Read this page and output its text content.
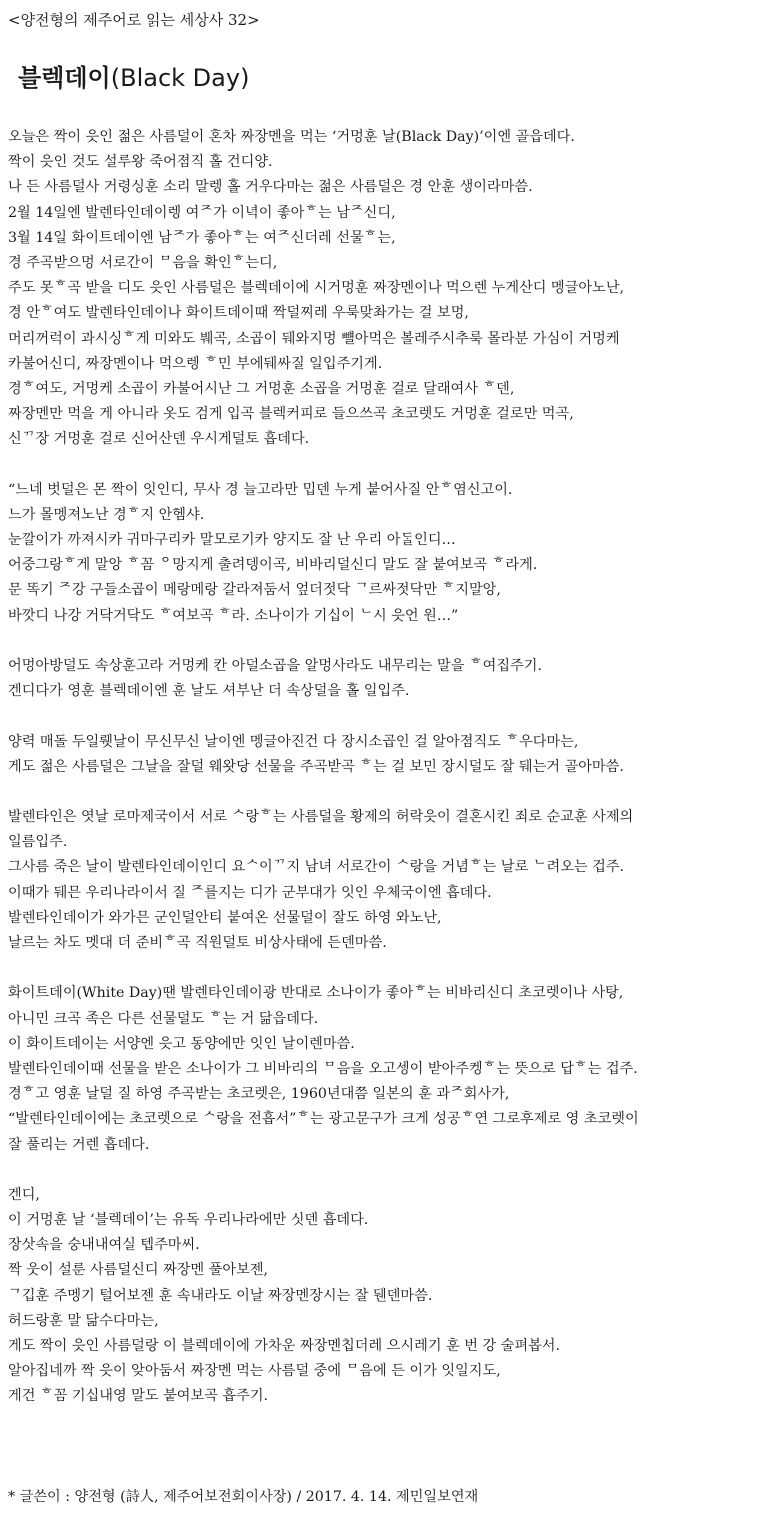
<양전형의 제주어로 읽는 세상사 32>
블렉데이(Black Day)
오늘은 짝이 읏인 젊은 사름덜이 혼차 짜장멘을 먹는 ‘거멍훈 날(Black Day)’이엔 골읍데다.
짝이 읏인 것도 설루왕 죽어졈직 홀 건디양.
나 든 사름덜사 거령싱훈 소리 말렝 홀 거우다마는 젊은 사름덜은 경 안훈 생이라마씀.
2월 14일엔 발렌타인데이렝 여ᄌ가 이녁이 좋아ᄒ는 남ᄌ신디,
3월 14일 화이트데이엔 남ᄌ가 좋아ᄒ는 여ᄌ신더레 선물ᄒ는,
경 주곡받으멍 서로간이 ᄆ음을 확인ᄒ는디,
주도 못ᄒ곡 받을 디도 읏인 사름덜은 블렉데이에 시거멍훈 짜장멘이나 먹으렌 누게산디 멩글아노난,
경 안ᄒ여도 발렌타인데이나 화이트데이때 짝덜찌레 우룩맞촤가는 걸 보멍,
머리꺼럭이 과시싱ᄒ게 미와도 붸곡, 소곱이 뒈와지멍 뺼아먹은 볼레주시추룩 몰라분 가심이 거멍케
카불어신디, 짜장멘이나 먹으렝 ᄒ민 부에뒈싸질 일입주기게.
경ᄒ여도, 거멍케 소곱이 카불어시난 그 거멍훈 소곱을 거멍훈 걸로 달래여사 ᄒ덴,
짜장멘만 먹을 게 아니라 옷도 검게 입곡 블렉커피로 들으쓰곡 초코렛도 거멍훈 걸로만 먹곡,
신ᄁ장 거멍훈 걸로 신어산덴 우시게덜토 흡데다.
“느네 벗덜은 몬 짝이 잇인디, 무사 경 늘고라만 밉덴 누게 붙어사질 안ᄒ염신고이.
느가 몰멩져노난 경ᄒ지 안헴샤.
눈깔이가 까져시카 귀마구리카 말모로기카 양지도 잘 난 우리 아ᄃᆞᆯ인디…
어중그랑ᄒ게 말앙 ᄒ꼼 ᄋ망지게 출려뎅이곡, 비바리덜신디 말도 잘 붙여보곡 ᄒ라게.
문 똑기 ᄌ강 구들소곱이 메랑메랑 갈라져둠서 엎더젓닥 ᄀ르싸젓닥만 ᄒ지말앙,
바깟디 나강 거닥거닥도 ᄒ여보곡 ᄒ라. 소나이가 기십이 ᄂ시 읏언 원…”
어멍아방덜도 속상훈고라 거멍케 칸 아덜소곱을 알멍사라도 내무리는 말을 ᄒ여집주기.
겐디다가 영훈 블렉데이엔 훈 날도 셔부난 더 속상덜을 홀 일입주.
양력 매돌 두일뤳날이 무신무신 날이엔 멩글아진건 다 장시소곱인 걸 알아졈직도 ᄒ우다마는,
게도 젊은 사름덜은 그날을 잘덜 웨왓당 선물을 주곡받곡 ᄒ는 걸 보민 장시덜도 잘 뒈는거 골아마씀.
발렌타인은 엿날 로마제국이서 서로 ᄉ랑ᄒ는 사름덜을 황제의 허락읏이 결혼시킨 죄로 순교훈 사제의
일름입주.
그사름 죽은 날이 발렌타인데이인디 요ᄉ이ᄁ지 남녀 서로간이 ᄉ랑을 거념ᄒ는 날로 ᄂ려오는 겁주.
이때가 뒈믄 우리나라이서 질 ᄌ를지는 디가 군부대가 잇인 우체국이엔 흡데다.
발렌타인데이가 와가믄 군인덜안티 붙여온 선물덜이 잘도 하영 와노난,
날르는 차도 멧대 더 준비ᄒ곡 직원덜토 비상사태에 든덴마씀.
화이트데이(White Day)땐 발렌타인데이광 반대로 소나이가 좋아ᄒ는 비바리신디 초코렛이나 사탕,
아니민 크곡 족은 다른 선물덜도 ᄒ는 거 닮읍데다.
이 화이트데이는 서양엔 읏고 동양에만 잇인 날이렌마씀.
발렌타인데이때 선물을 받은 소나이가 그 비바리의 ᄆ음을 오고셍이 받아주켕ᄒ는 뜻으로 답ᄒ는 겁주.
경ᄒ고 영훈 날덜 질 하영 주곡받는 초코렛은, 1960년대쯤 일본의 훈 과ᄌ회사가,
“발렌타인데이에는 초코렛으로 ᄉ랑을 전흡서”ᄒ는 광고문구가 크게 성공ᄒ연 그로후제로 영 초코렛이
잘 풀리는 거렌 흡데다.
겐디,
이 거멍훈 날 ‘블렉데이’는 유독 우리나라에만 싯덴 흡데다.
장삿속을 숭내내여실 텝주마씨.
짝 웃이 설룬 사름덜신디 짜장멘 풀아보젠,
ᄀ깁훈 주멩기 털어보젠 훈 속내라도 이날 짜장멘장시는 잘 뒌덴마씀.
허드랑훈 말 닮수다마는,
게도 짝이 읏인 사름덜랑 이 블렉데이에 가차운 짜장멘칩더레 으시레기 훈 번 강 술펴봅서.
알아집네까 짝 읏이 앚아둠서 짜장멘 먹는 사름덜 중에 ᄆ음에 든 이가 잇일지도,
게건 ᄒ꼼 기십내영 말도 붙여보곡 흡주기.
* 글쓴이 : 양전형 (詩人, 제주어보전회이사장) / 2017. 4. 14. 제민일보연재
